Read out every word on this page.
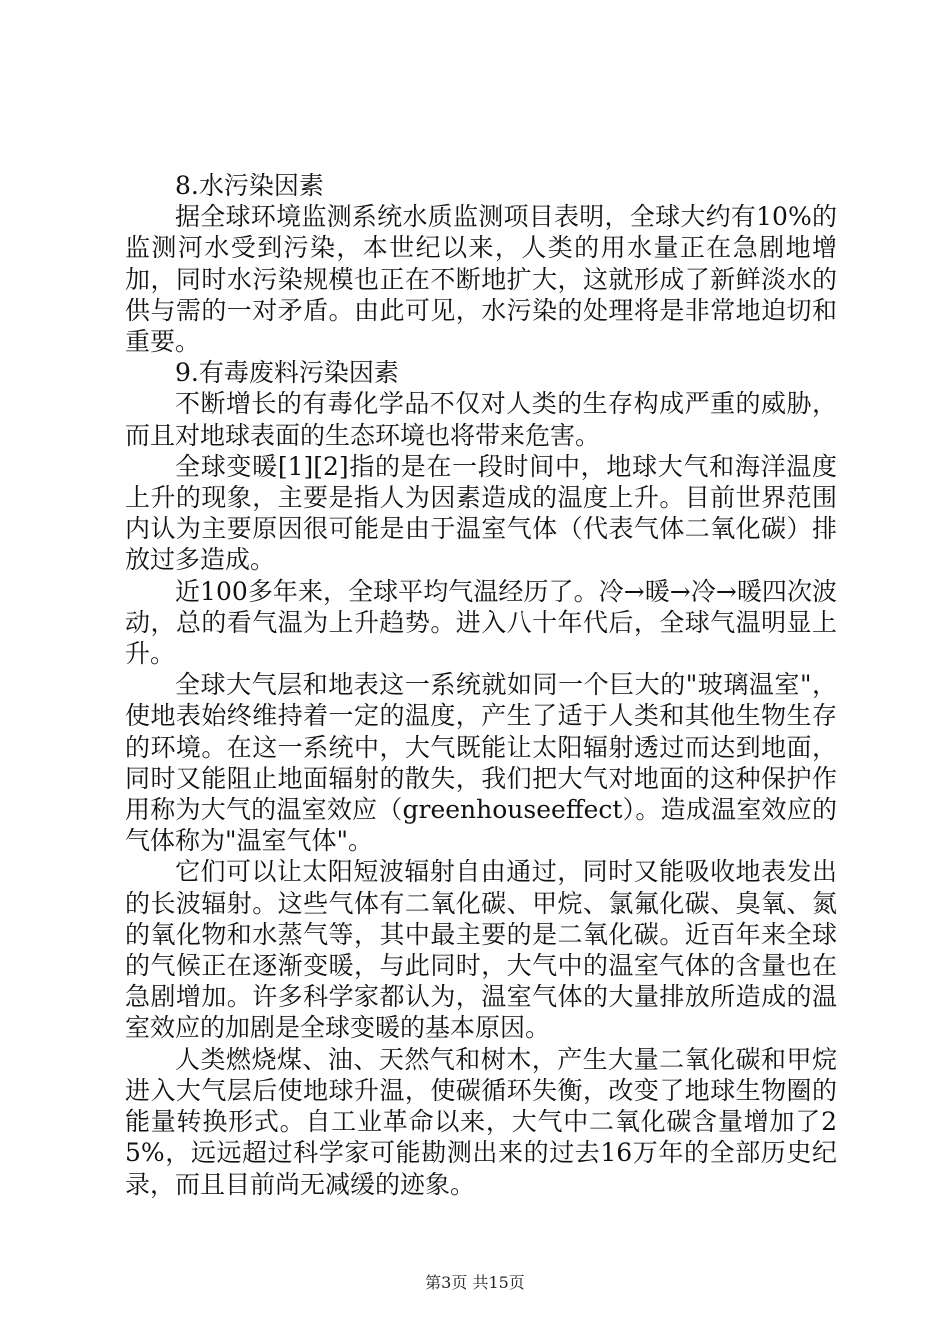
8.水污染因素

据全球环境监测系统水质监测项目表明，全球大约有10%的监测河水受到污染，本世纪以来，人类的用水量正在急剧地增加，同时水污染规模也正在不断地扩大，这就形成了新鲜淡水的供与需的一对矛盾。由此可见，水污染的处理将是非常地迫切和重要。

9.有毒废料污染因素

不断增长的有毒化学品不仅对人类的生存构成严重的威胁，而且对地球表面的生态环境也将带来危害。

全球变暖[1][2]指的是在一段时间中，地球大气和海洋温度上升的现象，主要是指人为因素造成的温度上升。目前世界范围内认为主要原因很可能是由于温室气体（代表气体二氧化碳）排放过多造成。

近100多年来，全球平均气温经历了。冷→暖→冷→暖四次波动，总的看气温为上升趋势。进入八十年代后，全球气温明显上升。

全球大气层和地表这一系统就如同一个巨大的"玻璃温室"，使地表始终维持着一定的温度，产生了适于人类和其他生物生存的环境。在这一系统中，大气既能让太阳辐射透过而达到地面，同时又能阻止地面辐射的散失，我们把大气对地面的这种保护作用称为大气的温室效应（greenhouseeffect）。造成温室效应的气体称为"温室气体"。

它们可以让太阳短波辐射自由通过，同时又能吸收地表发出的长波辐射。这些气体有二氧化碳、甲烷、氯氟化碳、臭氧、氮的氧化物和水蒸气等，其中最主要的是二氧化碳。近百年来全球的气候正在逐渐变暖，与此同时，大气中的温室气体的含量也在急剧增加。许多科学家都认为，温室气体的大量排放所造成的温室效应的加剧是全球变暖的基本原因。

人类燃烧煤、油、天然气和树木，产生大量二氧化碳和甲烷进入大气层后使地球升温，使碳循环失衡，改变了地球生物圈的能量转换形式。自工业革命以来，大气中二氧化碳含量增加了25%，远远超过科学家可能勘测出来的过去16万年的全部历史纪录，而且目前尚无减缓的迹象。

第3页 共15页
